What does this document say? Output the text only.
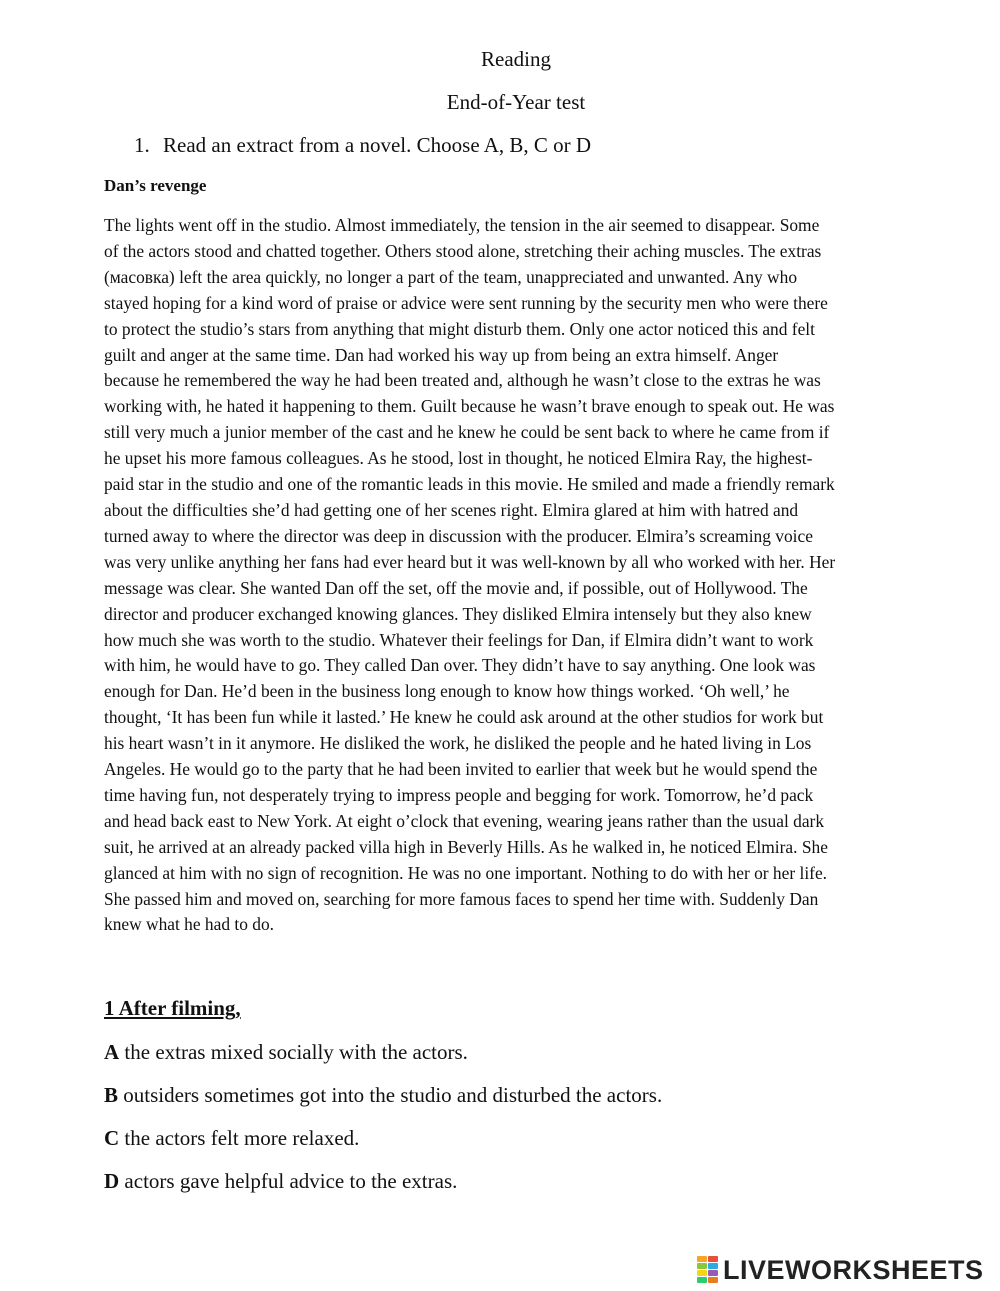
Reading

End-of-Year test

1. Read an extract from a novel. Choose A, B, C or D

Dan’s revenge

The lights went off in the studio. Almost immediately, the tension in the air seemed to disappear. Some
of the actors stood and chatted together. Others stood alone, stretching their aching muscles. The extras
(масовка) left the area quickly, no longer a part of the team, unappreciated and unwanted. Any who
stayed hoping for a kind word of praise or advice were sent running by the security men who were there
to protect the studio’s stars from anything that might disturb them. Only one actor noticed this and felt
guilt and anger at the same time. Dan had worked his way up from being an extra himself. Anger
because he remembered the way he had been treated and, although he wasn’t close to the extras he was
working with, he hated it happening to them. Guilt because he wasn’t brave enough to speak out. He was
still very much a junior member of the cast and he knew he could be sent back to where he came from if
he upset his more famous colleagues. As he stood, lost in thought, he noticed Elmira Ray, the highest-
paid star in the studio and one of the romantic leads in this movie. He smiled and made a friendly remark
about the difficulties she’d had getting one of her scenes right. Elmira glared at him with hatred and
turned away to where the director was deep in discussion with the producer. Elmira’s screaming voice
was very unlike anything her fans had ever heard but it was well-known by all who worked with her. Her
message was clear. She wanted Dan off the set, off the movie and, if possible, out of Hollywood. The
director and producer exchanged knowing glances. They disliked Elmira intensely but they also knew
how much she was worth to the studio. Whatever their feelings for Dan, if Elmira didn’t want to work
with him, he would have to go. They called Dan over. They didn’t have to say anything. One look was
enough for Dan. He’d been in the business long enough to know how things worked. ‘Oh well,’ he
thought, ‘It has been fun while it lasted.’ He knew he could ask around at the other studios for work but
his heart wasn’t in it anymore. He disliked the work, he disliked the people and he hated living in Los
Angeles. He would go to the party that he had been invited to earlier that week but he would spend the
time having fun, not desperately trying to impress people and begging for work. Tomorrow, he’d pack
and head back east to New York. At eight o’clock that evening, wearing jeans rather than the usual dark
suit, he arrived at an already packed villa high in Beverly Hills. As he walked in, he noticed Elmira. She
glanced at him with no sign of recognition. He was no one important. Nothing to do with her or her life.
She passed him and moved on, searching for more famous faces to spend her time with. Suddenly Dan
knew what he had to do.

1 After filming,

A the extras mixed socially with the actors.

B outsiders sometimes got into the studio and disturbed the actors.

C the actors felt more relaxed.

D actors gave helpful advice to the extras.

LIVEWORKSHEETS
